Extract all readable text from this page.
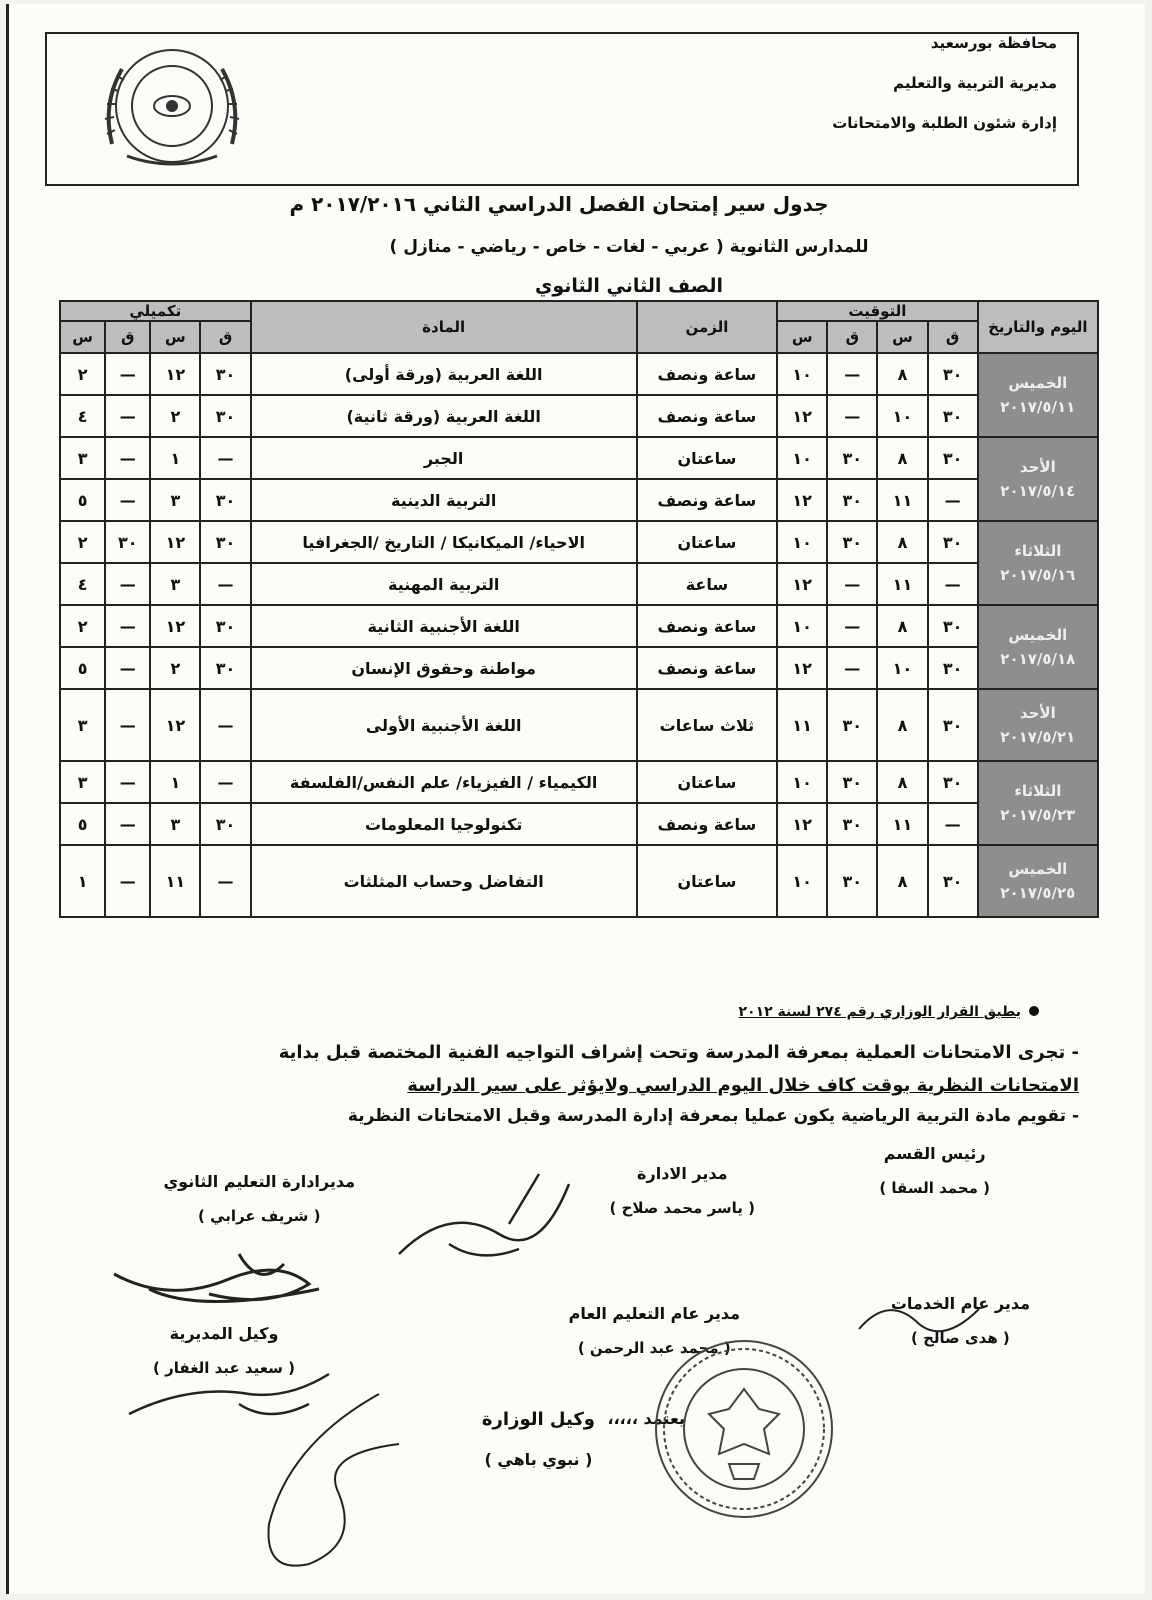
محافظة بورسعيد
مديرية التربية والتعليم
إدارة شئون الطلبة والامتحانات
جدول سير إمتحان الفصل الدراسي الثاني ٢٠١٧/٢٠١٦ م
للمدارس الثانوية ( عربي - لغات - خاص - رياضي - منازل )
الصف الثاني الثانوي
اليوم والتاريخ	التوقيت				الزمن	المادة	تكميلي			
	ق	س	ق	س			ق	س	ق	س

الخميس
٢٠١٧/٥/١١	٣٠	٨	—	١٠	ساعة ونصف	اللغة العربية (ورقة أولى)	٣٠	١٢	—	٢
	٣٠	١٠	—	١٢	ساعة ونصف	اللغة العربية (ورقة ثانية)	٣٠	٢	—	٤

الأحد
٢٠١٧/٥/١٤	٣٠	٨	٣٠	١٠	ساعتان	الجبر	—	١	—	٣
	—	١١	٣٠	١٢	ساعة ونصف	التربية الدينية	٣٠	٣	—	٥

الثلاثاء
٢٠١٧/٥/١٦	٣٠	٨	٣٠	١٠	ساعتان	الاحياء/ الميكانيكا / التاريخ /الجغرافيا	٣٠	١٢	٣٠	٢
	—	١١	—	١٢	ساعة	التربية المهنية	—	٣	—	٤

الخميس
٢٠١٧/٥/١٨	٣٠	٨	—	١٠	ساعة ونصف	اللغة الأجنبية الثانية	٣٠	١٢	—	٢
	٣٠	١٠	—	١٢	ساعة ونصف	مواطنة وحقوق الإنسان	٣٠	٢	—	٥

الأحد
٢٠١٧/٥/٢١	٣٠	٨	٣٠	١١	ثلاث ساعات	اللغة الأجنبية الأولى	—	١٢	—	٣

الثلاثاء
٢٠١٧/٥/٢٣	٣٠	٨	٣٠	١٠	ساعتان	الكيمياء / الفيزياء/ علم النفس/الفلسفة	—	١	—	٣
	—	١١	٣٠	١٢	ساعة ونصف	تكنولوجيا المعلومات	٣٠	٣	—	٥

الخميس
٢٠١٧/٥/٢٥	٣٠	٨	٣٠	١٠	ساعتان	التفاضل وحساب المثلثات	—	١١	—	١
يطبق القرار الوزاري رقم ٢٧٤ لسنة ٢٠١٢
- تجرى الامتحانات العملية بمعرفة المدرسة وتحت إشراف التواجيه الفنية المختصة قبل بداية
الامتحانات النظرية بوقت كاف خلال اليوم الدراسي ولايؤثر على سير الدراسة
- تقويم مادة التربية الرياضية يكون عمليا بمعرفة إدارة المدرسة وقبل الامتحانات النظرية
رئيس القسم
( محمد السقا )
مدير الادارة
( ياسر محمد صلاح )
مديرادارة التعليم الثانوي
( شريف عرابي )
مدير عام الخدمات
( هدى صالح )
مدير عام التعليم العام
( محمد عبد الرحمن )
وكيل المديرية
( سعيد عبد الغفار )
يعتمد ،،،،،
وكيل الوزارة
( نبوي باهي )
